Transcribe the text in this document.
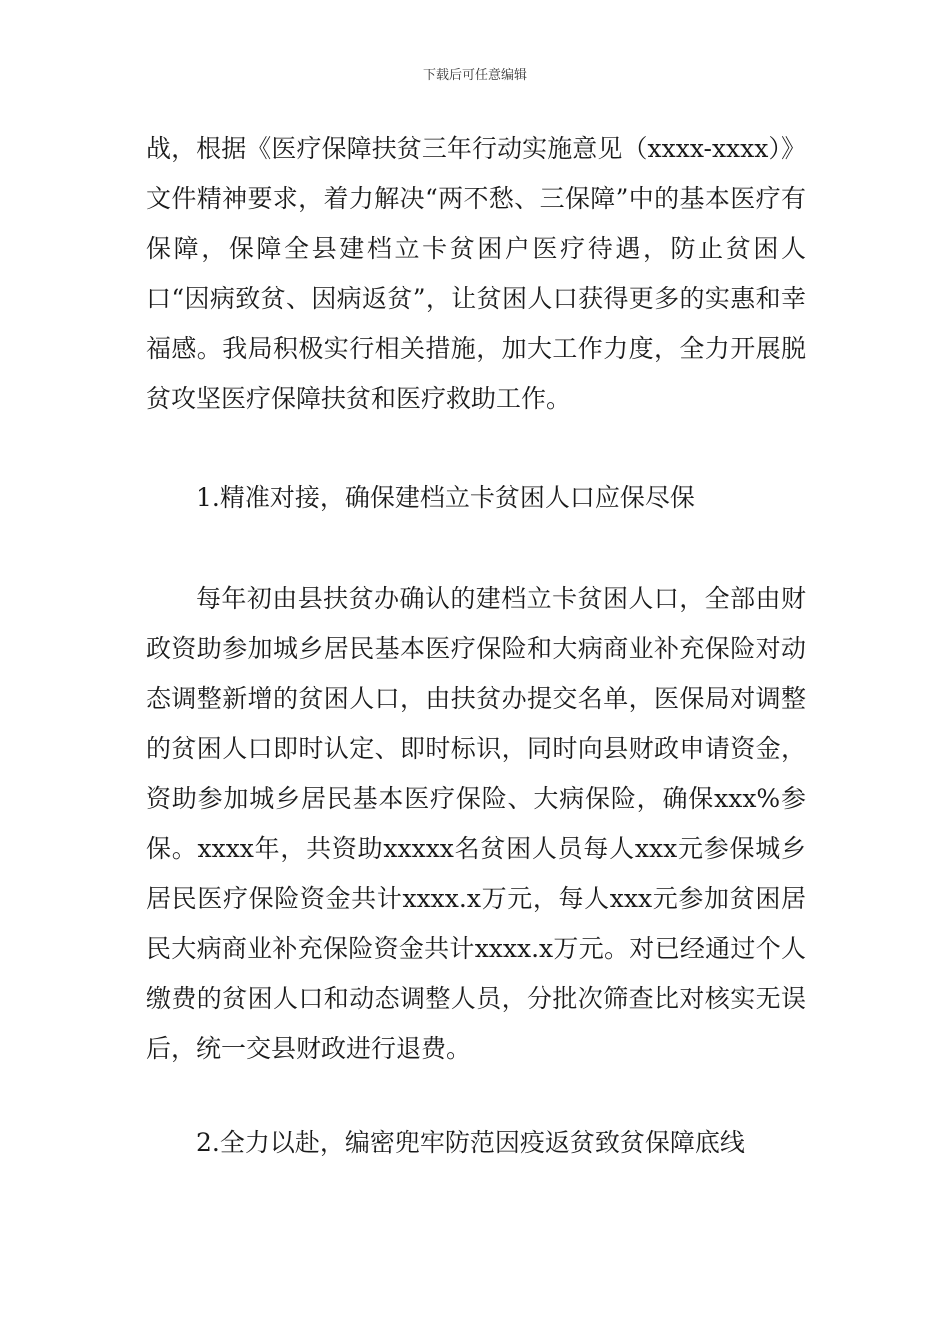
下载后可任意编辑
战，根据《医疗保障扶贫三年行动实施意见（xxxx-xxxx）》文件精神要求，着力解决“两不愁、三保障”中的基本医疗有保障，保障全县建档立卡贫困户医疗待遇，防止贫困人口“因病致贫、因病返贫”，让贫困人口获得更多的实惠和幸福感。我局积极实行相关措施，加大工作力度，全力开展脱贫攻坚医疗保障扶贫和医疗救助工作。
1.精准对接，确保建档立卡贫困人口应保尽保
每年初由县扶贫办确认的建档立卡贫困人口，全部由财政资助参加城乡居民基本医疗保险和大病商业补充保险对动态调整新增的贫困人口，由扶贫办提交名单，医保局对调整的贫困人口即时认定、即时标识，同时向县财政申请资金，资助参加城乡居民基本医疗保险、大病保险，确保xxx%参保。xxxx年，共资助xxxxx名贫困人员每人xxx元参保城乡居民医疗保险资金共计xxxx.x万元，每人xxx元参加贫困居民大病商业补充保险资金共计xxxx.x万元。对已经通过个人缴费的贫困人口和动态调整人员，分批次筛查比对核实无误后，统一交县财政进行退费。
2.全力以赴，编密兜牢防范因疫返贫致贫保障底线
